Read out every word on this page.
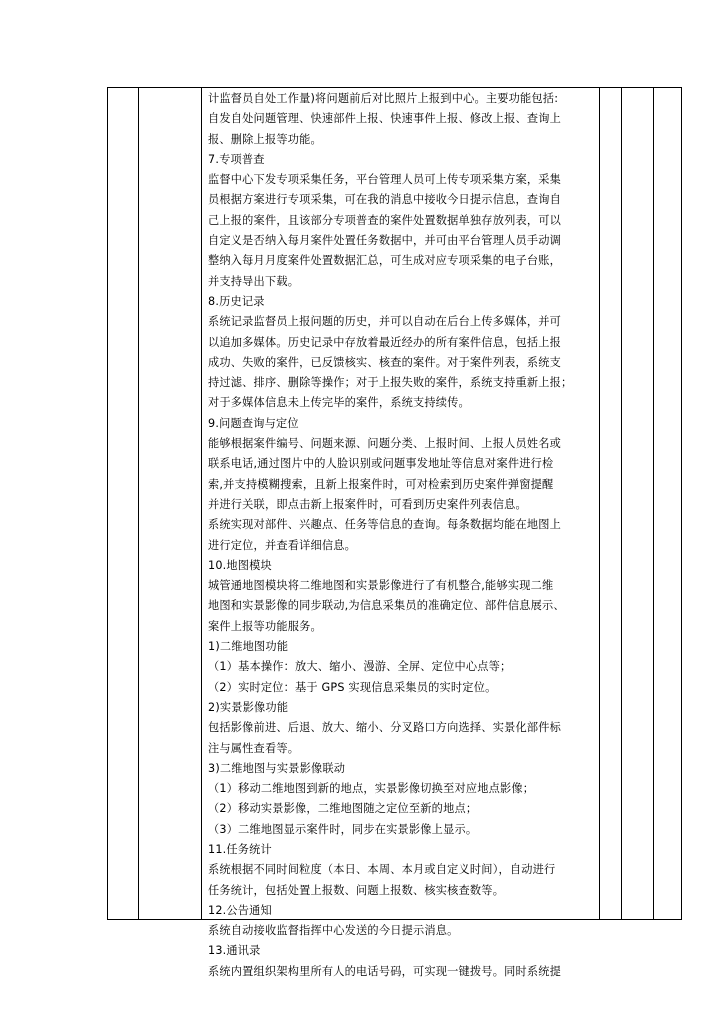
计监督员自处工作量)将问题前后对比照片上报到中心。主要功能包括:

自发自处问题管理、快速部件上报、快速事件上报、修改上报、查询上

报、删除上报等功能。

7.专项普查

监督中心下发专项采集任务，平台管理人员可上传专项采集方案，采集

员根据方案进行专项采集，可在我的消息中接收今日提示信息，查询自

己上报的案件，且该部分专项普查的案件处置数据单独存放列表，可以

自定义是否纳入每月案件处置任务数据中，并可由平台管理人员手动调

整纳入每月月度案件处置数据汇总，可生成对应专项采集的电子台账，

并支持导出下载。

8.历史记录

系统记录监督员上报问题的历史，并可以自动在后台上传多媒体，并可

以追加多媒体。历史记录中存放着最近经办的所有案件信息，包括上报

成功、失败的案件，已反馈核实、核查的案件。对于案件列表，系统支

持过滤、排序、删除等操作；对于上报失败的案件，系统支持重新上报；

对于多媒体信息未上传完毕的案件，系统支持续传。

9.问题查询与定位

能够根据案件编号、问题来源、问题分类、上报时间、上报人员姓名或

联系电话,通过图片中的人脸识别或问题事发地址等信息对案件进行检

索,并支持模糊搜索，且新上报案件时，可对检索到历史案件弹窗提醒

并进行关联，即点击新上报案件时，可看到历史案件列表信息。

系统实现对部件、兴趣点、任务等信息的查询。每条数据均能在地图上

进行定位，并查看详细信息。

10.地图模块

城管通地图模块将二维地图和实景影像进行了有机整合,能够实现二维

地图和实景影像的同步联动,为信息采集员的准确定位、部件信息展示、

案件上报等功能服务。

1)二维地图功能

（1）基本操作：放大、缩小、漫游、全屏、定位中心点等；

（2）实时定位：基于 GPS 实现信息采集员的实时定位。

2)实景影像功能

包括影像前进、后退、放大、缩小、分叉路口方向选择、实景化部件标

注与属性查看等。

3)二维地图与实景影像联动

（1）移动二维地图到新的地点，实景影像切换至对应地点影像；

（2）移动实景影像，二维地图随之定位至新的地点；

（3）二维地图显示案件时，同步在实景影像上显示。

11.任务统计

系统根据不同时间粒度（本日、本周、本月或自定义时间），自动进行

任务统计，包括处置上报数、问题上报数、核实核查数等。

12.公告通知

系统自动接收监督指挥中心发送的今日提示消息。

13.通讯录

系统内置组织架构里所有人的电话号码，可实现一键拨号。同时系统提
